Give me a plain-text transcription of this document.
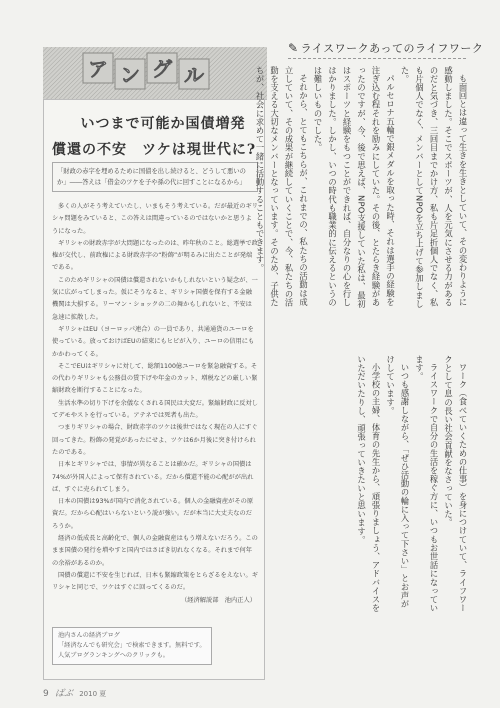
ア ン グ ル
いつまで可能か国債増発
償還の不安　ツケは現世代に?
「財政の赤字を埋めるために国債を出し続けると、どうして悪いのか」――答えは「借金のツケを子や孫の代に回すことになるから」

多くの人がそう考えていたし、いまもそう考えている。だが最近のギリシャ問題をみていると、この答えは間違っているのではないかと思うようになった。

ギリシャの財政赤字が大問題になったのは、昨年秋のこと。総選挙で政権が交代し、前政権による財政赤字の“粉飾”が明るみに出たことが発端である。

このためギリシャの国債は償還されないかもしれないという疑念が、一気に広がってしまった。仮にそうなると、ギリシャ国債を保有する金融機関は大損する。リーマン・ショックの二の舞かもしれないと、不安は急速に拡散した。

ギリシャはEU（ヨーロッパ連合）の一員であり、共通通貨のユーロを使っている。放っておけばEUの結束にもヒビが入り、ユーロの信用にもかかわってくる。

そこでEUはギリシャに対して、総額1100億ユーロを緊急融資する。その代わりギリシャも公務員の賃下げや年金のカット、増税などの厳しい緊縮財政を断行することになった。

生活水準の切り下げを余儀なくされる国民は大変だ。緊縮財政に反対してデモやストを行っている。アテネでは死者も出た。

つまりギリシャの場合、財政赤字のツケは後世ではなく現在の人にすぐ回ってきた。粉飾の発覚があったにせよ、ツケは6か月後に突き付けられたのである。

日本とギリシャでは、事情が異なることは確かだ。ギリシャの国債は74%が外国人によって保有されている。だから償還不能の心配がが出れば、すぐに売られてしまう。

日本の国債は93%が国内で消化されている。個人の金融資産がその原資だ。だから心配はいらないという説が強い。だが本当に大丈夫なのだろうか。

経済の低成長と高齢化で、個人の金融資産はもう増えないだろう。このまま国債の発行を増やすと国内ではさばき切れなくなる。それまで何年の余裕があるのか。

国債の償還に不安を生じれば、日本も緊縮政策をとらざるをえない。ギリシャと同じで、ツケはすぐに回ってくるのだ。

（経済解説部　池内正人）
池内さんの経済ブログ
「経済なんでも研究会」で検索できます。無料です。
人気ブログランキングへのクリックも。
✎ ライスワークあってのライフワーク

も面回とは違って生きを生きとしていて、その変わりように感動しました。そこでスポーツが、人を元気にさせる力があるのだと気づき、三回目までかけ方、私も片足折個人でなく、私も片個人でなく、メンバーとしてNPOを立ち上げて参加しました。

パルセロナ五輪で銀メダルを取った時、それは選手の経験を注ぎ込む程それを励みにしていた。その後、とたらき経験があったのですが、今、後で思えば、NPO支援していた私は、最初はスポーツと経験をもつことができれば、自分なりの心を行しはかりました。しかし、いつの時代も職業的に伝えるというのは難しいものでした。

それから、とてもこちらが、これまでの、私たちの活動は成立していて、その成果が継続していくことで、今、私たちの活動を支える大切なメンバーとなっています。そのため、子供たちが、社会に求めて一緒に活動することもできます。

ワーク（食べていくための仕事）を身につけていて、ライフワークとして息の長い社会貢献をなさっていた。

ライスワークで自分の生活を稼ぐ方に、いつもお世話になっています。

いつも感謝しながら、「ぜひ活動の輪に入って下さい」とお声がけしています。

小学校の主婦、体育の先生から、頑張りましょう、アドバイスをいただいたりし、頑張っていきたいと思います。

9 ばぶ 2010 夏
